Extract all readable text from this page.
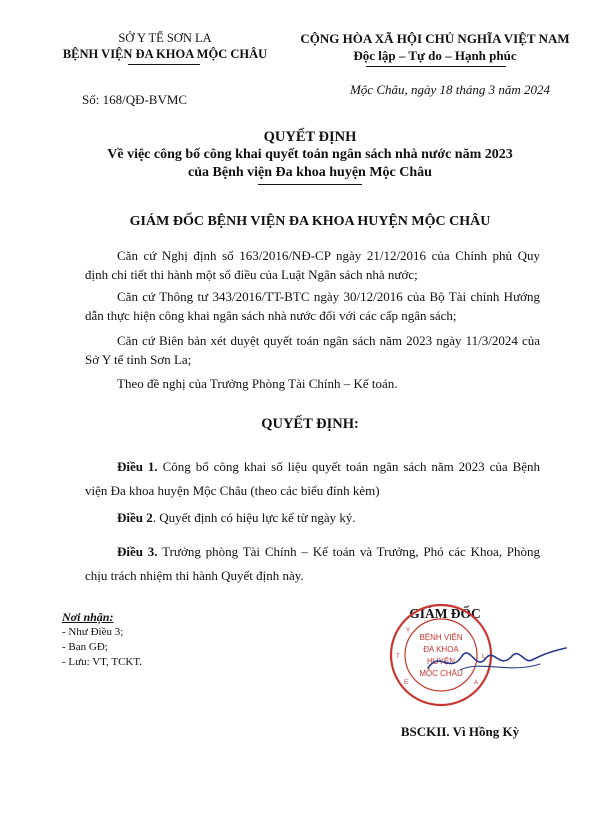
SỞ Y TẾ SƠN LA
BỆNH VIỆN ĐA KHOA MỘC CHÂU
Số: 168/QĐ-BVMC
CỘNG HÒA XÃ HỘI CHỦ NGHĨA VIỆT NAM
Độc lập – Tự do – Hạnh phúc
Mộc Châu, ngày 18 tháng 3 năm 2024
QUYẾT ĐỊNH
Về việc công bố công khai quyết toán ngân sách nhà nước năm 2023
của Bệnh viện Đa khoa huyện Mộc Châu
GIÁM ĐỐC BỆNH VIỆN ĐA KHOA HUYỆN MỘC CHÂU
Căn cứ Nghị định số 163/2016/NĐ-CP ngày 21/12/2016 của Chính phủ Quy định chi tiết thi hành một số điều của Luật Ngân sách nhà nước;
Căn cứ Thông tư 343/2016/TT-BTC ngày 30/12/2016 của Bộ Tài chính Hướng dẫn thực hiện công khai ngân sách nhà nước đối với các cấp ngân sách;
Căn cứ Biên bản xét duyệt quyết toán ngân sách năm 2023 ngày 11/3/2024 của Sở Y tế tỉnh Sơn La;
Theo đề nghị của Trưởng Phòng Tài Chính – Kế toán.
QUYẾT ĐỊNH:
Điều 1. Công bố công khai số liệu quyết toán ngân sách năm 2023 của Bệnh viện Đa khoa huyện Mộc Châu (theo các biểu đính kèm)
Điều 2. Quyết định có hiệu lực kể từ ngày ký.
Điều 3. Trưởng phòng Tài Chính – Kế toán và Trưởng, Phó các Khoa, Phòng chịu trách nhiệm thi hành Quyết định này.
Nơi nhận:
- Như Điều 3;
- Ban GĐ;
- Lưu: VT, TCKT.
GIÁM ĐỐC
BỆNH VIỆN
ĐA KHOA
HUYỆN
MỘC CHÂU
Y
T
E	A
L
BSCKII. Vì Hồng Kỳ
